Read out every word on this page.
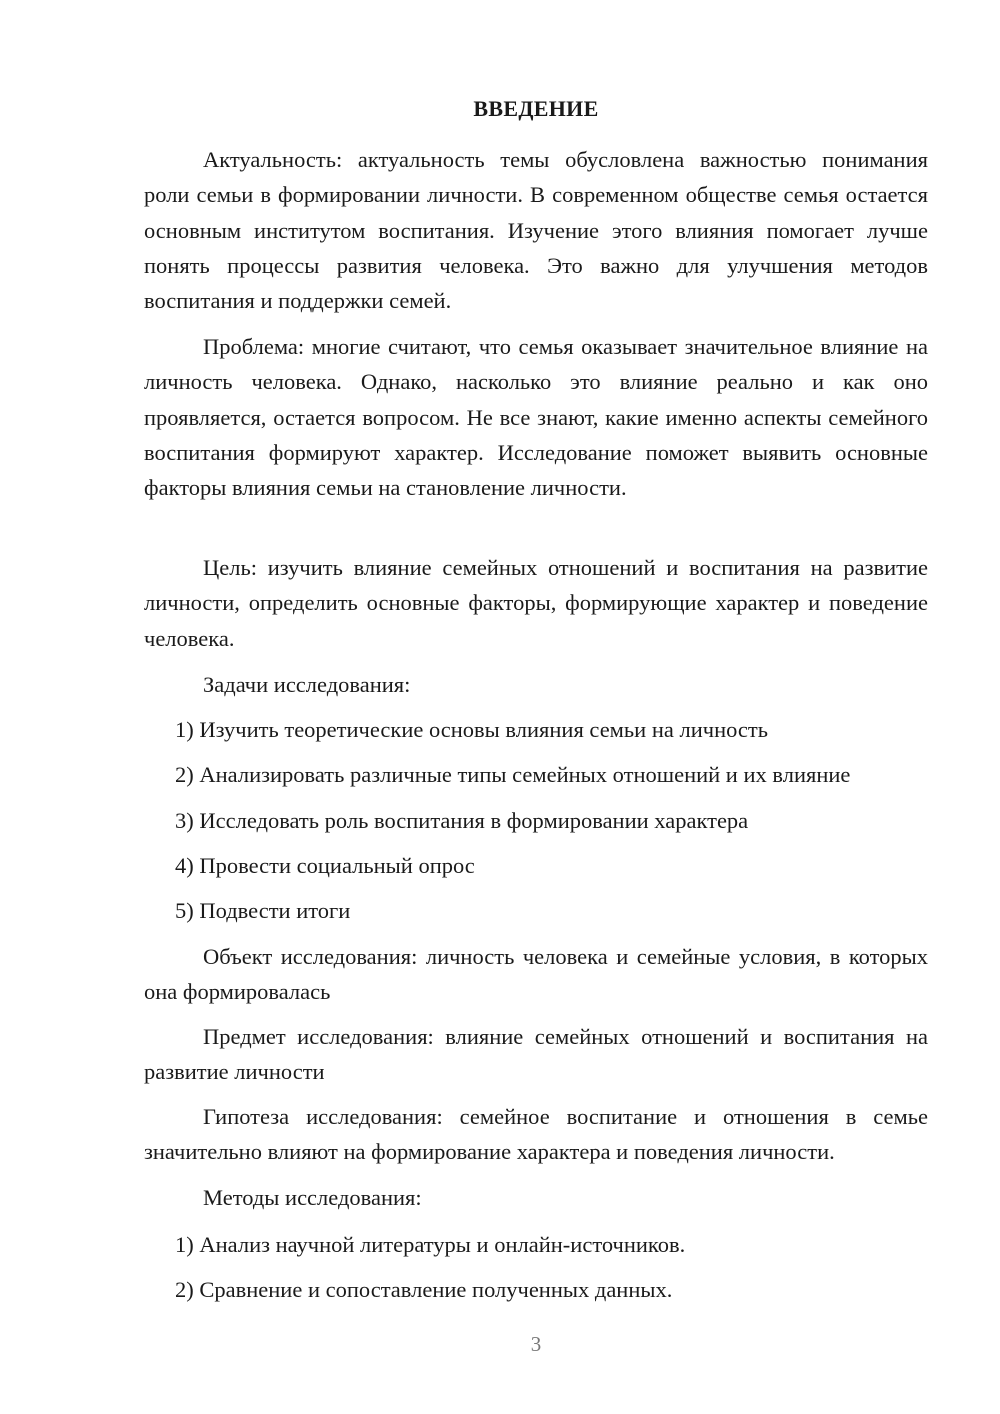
ВВЕДЕНИЕ

Актуальность: актуальность темы обусловлена важностью понимания роли семьи в формировании личности. В современном обществе семья остается основным институтом воспитания. Изучение этого влияния помогает лучше понять процессы развития человека. Это важно для улучшения методов воспитания и поддержки семей.

Проблема: многие считают, что семья оказывает значительное влияние на личность человека. Однако, насколько это влияние реально и как оно проявляется, остается вопросом. Не все знают, какие именно аспекты семейного воспитания формируют характер. Исследование поможет выявить основные факторы влияния семьи на становление личности.

Цель: изучить влияние семейных отношений и воспитания на развитие личности, определить основные факторы, формирующие характер и поведение человека.

Задачи исследования:

1) Изучить теоретические основы влияния семьи на личность

2) Анализировать различные типы семейных отношений и их влияние

3) Исследовать роль воспитания в формировании характера

4) Провести социальный опрос

5) Подвести итоги

Объект исследования: личность человека и семейные условия, в которых она формировалась

Предмет исследования: влияние семейных отношений и воспитания на развитие личности

Гипотеза исследования: семейное воспитание и отношения в семье значительно влияют на формирование характера и поведения личности.

Методы исследования:

1) Анализ научной литературы и онлайн-источников.

2) Сравнение и сопоставление полученных данных.

3
